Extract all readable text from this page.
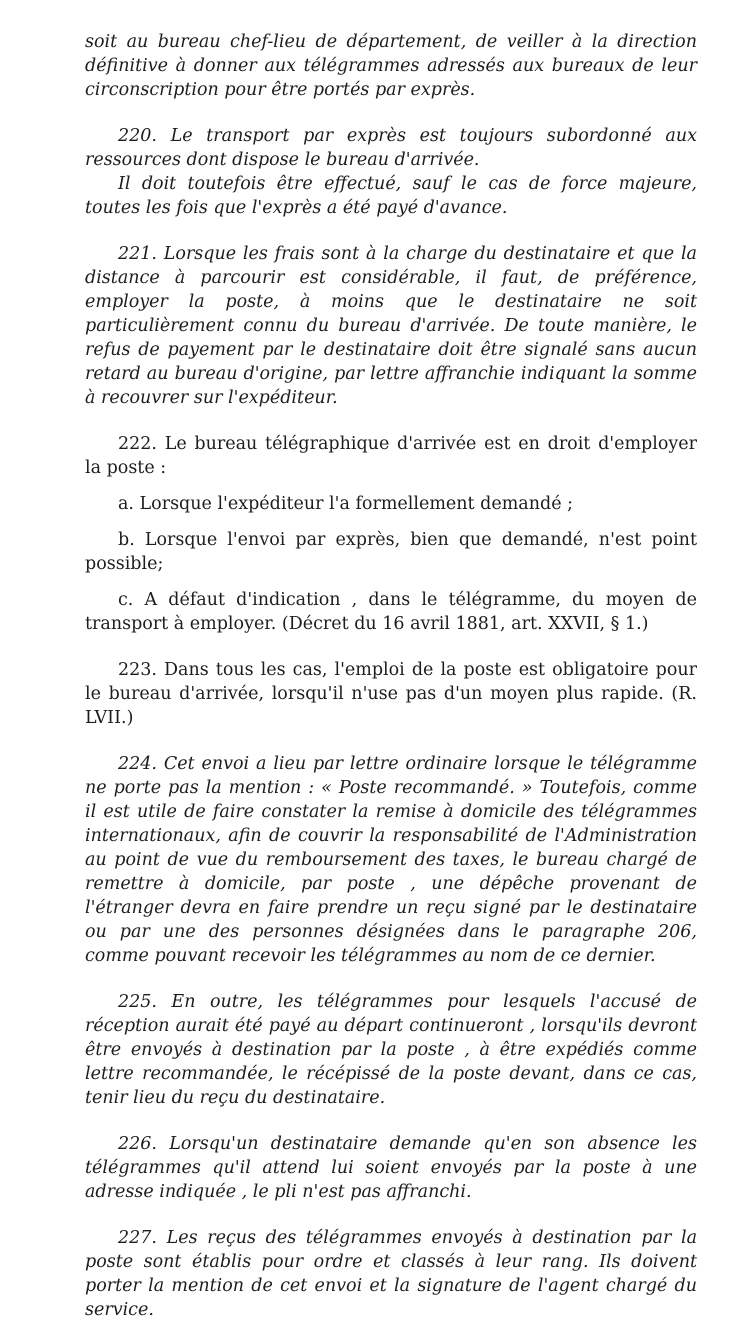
soit au bureau chef-lieu de département, de veiller à la direction définitive à donner aux télégrammes adressés aux bureaux de leur circonscription pour être portés par exprès.

220. Le transport par exprès est toujours subordonné aux ressources dont dispose le bureau d'arrivée.

Il doit toutefois être effectué, sauf le cas de force majeure, toutes les fois que l'exprès a été payé d'avance.

221. Lorsque les frais sont à la charge du destinataire et que la distance à parcourir est considérable, il faut, de préférence, employer la poste, à moins que le destinataire ne soit particulièrement connu du bureau d'arrivée. De toute manière, le refus de payement par le destinataire doit être signalé sans aucun retard au bureau d'origine, par lettre affranchie indiquant la somme à recouvrer sur l'expéditeur.

222. Le bureau télégraphique d'arrivée est en droit d'employer la poste :

a. Lorsque l'expéditeur l'a formellement demandé ;

b. Lorsque l'envoi par exprès, bien que demandé, n'est point possible;

c. A défaut d'indication , dans le télégramme, du moyen de transport à employer. (Décret du 16 avril 1881, art. XXVII, § 1.)

223. Dans tous les cas, l'emploi de la poste est obligatoire pour le bureau d'arrivée, lorsqu'il n'use pas d'un moyen plus rapide. (R. LVII.)

224. Cet envoi a lieu par lettre ordinaire lorsque le télégramme ne porte pas la mention : « Poste recommandé. » Toutefois, comme il est utile de faire constater la remise à domicile des télégrammes internationaux, afin de couvrir la responsabilité de l'Administration au point de vue du remboursement des taxes, le bureau chargé de remettre à domicile, par poste , une dépêche provenant de l'étranger devra en faire prendre un reçu signé par le destinataire ou par une des personnes désignées dans le paragraphe 206, comme pouvant recevoir les télégrammes au nom de ce dernier.

225. En outre, les télégrammes pour lesquels l'accusé de réception aurait été payé au départ continueront , lorsqu'ils devront être envoyés à destination par la poste , à être expédiés comme lettre recommandée, le récépissé de la poste devant, dans ce cas, tenir lieu du reçu du destinataire.

226. Lorsqu'un destinataire demande qu'en son absence les télégrammes qu'il attend lui soient envoyés par la poste à une adresse indiquée , le pli n'est pas affranchi.

227. Les reçus des télégrammes envoyés à destination par la poste sont établis pour ordre et classés à leur rang. Ils doivent porter la mention de cet envoi et la signature de l'agent chargé du service.
